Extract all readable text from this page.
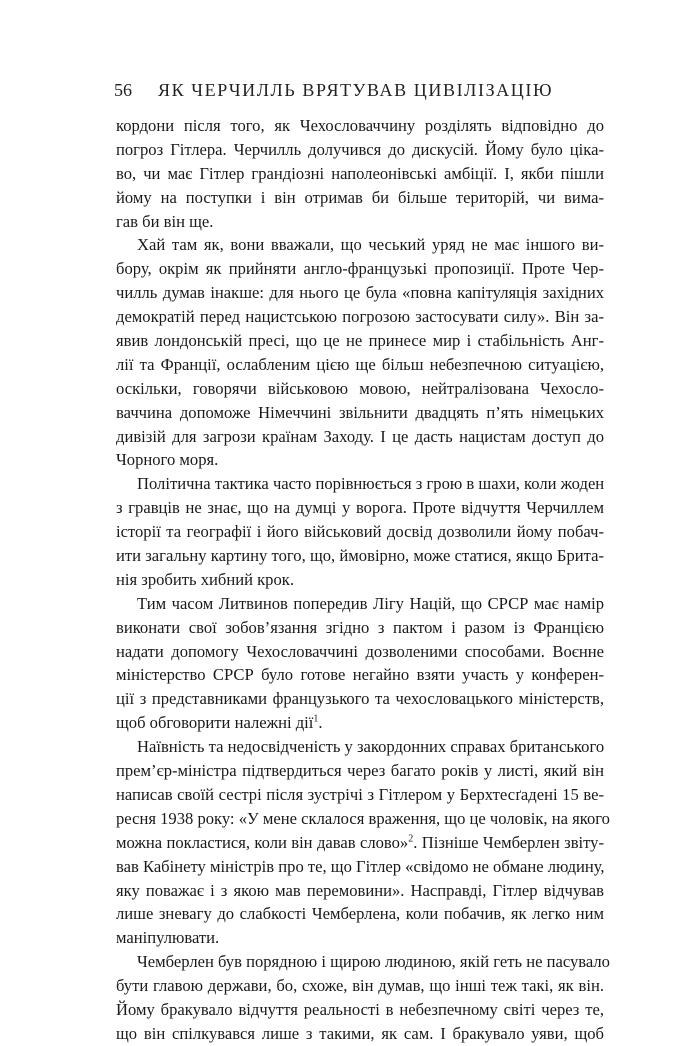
56 ЯК ЧЕРЧИЛЛЬ ВРЯТУВАВ ЦИВІЛІЗАЦІЮ
кордони після того, як Чехословаччину розділять відповідно до
погроз Гітлера. Черчилль долучився до дискусій. Йому було ціка-
во, чи має Гітлер грандіозні наполеонівські амбіції. І, якби пішли
йому на поступки і він отримав би більше територій, чи вима-
гав би він ще.
Хай там як, вони вважали, що чеський уряд не має іншого ви-
бору, окрім як прийняти англо-французькі пропозиції. Проте Чер-
чилль думав інакше: для нього це була «повна капітуляція західних
демократій перед нацистською погрозою застосувати силу». Він за-
явив лондонській пресі, що це не принесе мир і стабільність Анг-
лії та Франції, ослабленим цією ще більш небезпечною ситуацією,
оскільки, говорячи військовою мовою, нейтралізована Чехосло-
ваччина допоможе Німеччині звільнити двадцять п’ять німецьких
дивізій для загрози країнам Заходу. І це дасть нацистам доступ до
Чорного моря.
Політична тактика часто порівнюється з грою в шахи, коли жоден
з гравців не знає, що на думці у ворога. Проте відчуття Черчиллем
історії та географії і його військовий досвід дозволили йому побач-
ити загальну картину того, що, ймовірно, може статися, якщо Брита-
нія зробить хибний крок.
Тим часом Литвинов попередив Лігу Націй, що СРСР має намір
виконати свої зобов’язання згідно з пактом і разом із Францією
надати допомогу Чехословаччині дозволеними способами. Воєнне
міністерство СРСР було готове негайно взяти участь у конферен-
ції з представниками французького та чехословацького міністерств,
щоб обговорити належні дії$^1$.
Наївність та недосвідченість у закордонних справах британського
прем’єр-міністра підтвердиться через багато років у листі, який він
написав своїй сестрі після зустрічі з Гітлером у Берхтесґадені 15 ве-
ресня 1938 року: «У мене склалося враження, що це чоловік, на якого
можна покластися, коли він давав слово»$^2$. Пізніше Чемберлен звіту-
вав Кабінету міністрів про те, що Гітлер «свідомо не обмане людину,
яку поважає і з якою мав перемовини». Насправді, Гітлер відчував
лише зневагу до слабкості Чемберлена, коли побачив, як легко ним
маніпулювати.
Чемберлен був порядною і щирою людиною, якій геть не пасувало
бути главою держави, бо, схоже, він думав, що інші теж такі, як він.
Йому бракувало відчуття реальності в небезпечному світі через те,
що він спілкувався лише з такими, як сам. І бракувало уяви, щоб
